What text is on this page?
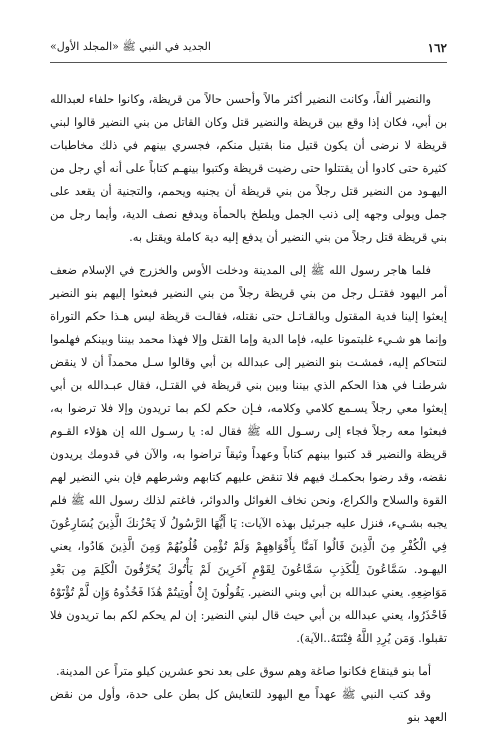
١٦٢
الجديد في النبي ﷺ «المجلد الأول»

والنضير ألفاً، وكانت النضير أكثر مالاً وأحسن حالاً من قريظة، وكانوا حلفاء لعبدالله بن أبي، فكان إذا وقع بين قريظة والنضير قتل وكان القاتل من بني النضير قالوا لبني قريظة لا نرضى أن يكون قتيل منا بقتيل منكم، فجسري بينهم في ذلك مخاطبات كثيرة حتى كادوا أن يقتتلوا حتى رضيت قريظة وكتبوا بينهـم كتاباً على أنه أي رجل من اليهـود من النضير قتل رجلاً من بني قريظة أن يجنيه ويحمم، والتجنية أن يقعد على جمل ويولى وجهه إلى ذنب الجمل ويلطخ بالحمأة ويدفع نصف الدية، وأيما رجل من بني قريظة قتل رجلاً من بني النضير أن يدفع إليه دية كاملة ويقتل به.

فلما هاجر رسول الله ﷺ إلى المدينة ودخلت الأوس والخزرج في الإسلام ضعف أمر اليهود فقتـل رجل من بني قريظة رجلاً من بني النضير فبعثوا إليهم بنو النضير إبعثوا إلينا فدية المقتول وبالقـاتـل حتى نقتله، فقالـت قريظة ليس هـذا حكم التوراة وإنما هو شـيء غلبتمونا عليه، فإما الدية وإما القتل وإلا فهذا محمد بيننا وبينكم فهلموا لنتحاكم إليه، فمشـت بنو النضير إلى عبدالله بن أبي وقالوا سـل محمداً أن لا ينقض شرطنـا في هذا الحكم الذي بيننا وبين بني قريظة في القتـل، فقال عبـدالله بن أبي إبعثوا معي رجلاً يسـمع كلامي وكلامه، فـإن حكم لكم بما تريدون وإلا فلا ترضوا به، فبعثوا معه رجلاً فجاء إلى رسـول الله ﷺ فقال له: يا رسـول الله إن هؤلاء القـوم قريظة والنضير قد كتبوا بينهم كتاباً وعهداً وثيقاً تراضوا به، والآن في قدومك يريدون نقضه، وقد رضوا بحكمـك فيهم فلا تنقض عليهم كتابهم وشرطهم فإن بني النضير لهم القوة والسلاح والكراع، ونحن نخاف الغوائل والدوائر، فاغتم لذلك رسول الله ﷺ فلم يجبه بشـيء، فنزل عليه جبرئيل بهذه الآيات: يَا أَيُّهَا الرَّسُولُ لَا يَحْزُنكَ الَّذِينَ يُسَارِعُونَ فِي الْكُفْرِ مِنَ الَّذِينَ قَالُوا آمَنَّا بِأَفْوَاهِهِمْ وَلَمْ تُؤْمِن قُلُوبُهُمْ وَمِنَ الَّذِينَ هَادُوا، يعني اليهـود. سَمَّاعُونَ لِلْكَذِبِ سَمَّاعُونَ لِقَوْمٍ آخَرِينَ لَمْ يَأْتُوكَ يُحَرِّفُونَ الْكَلِمَ مِن بَعْدِ مَوَاضِعِهِ. يعني عبدالله بن أبي وبني النضير. يَقُولُونَ إِنْ أُوتِيتُمْ هَٰذَا فَخُذُوهُ وَإِن لَّمْ تُؤْتَوْهُ فَاحْذَرُوا، يعني عبدالله بن أبي حيث قال لبني النضير: إن لم يحكم لكم بما تريدون فلا تقبلوا. وَمَن يُرِدِ اللَّهُ فِتْنَتَهُ..الآية).

أما بنو قينقاع فكانوا صاغة وهم سوق على بعد نحو عشرين كيلو متراً عن المدينة.

وقد كتب النبي ﷺ عهداً مع اليهود للتعايش كل بطن على حدة، وأول من نقض العهد بنو
